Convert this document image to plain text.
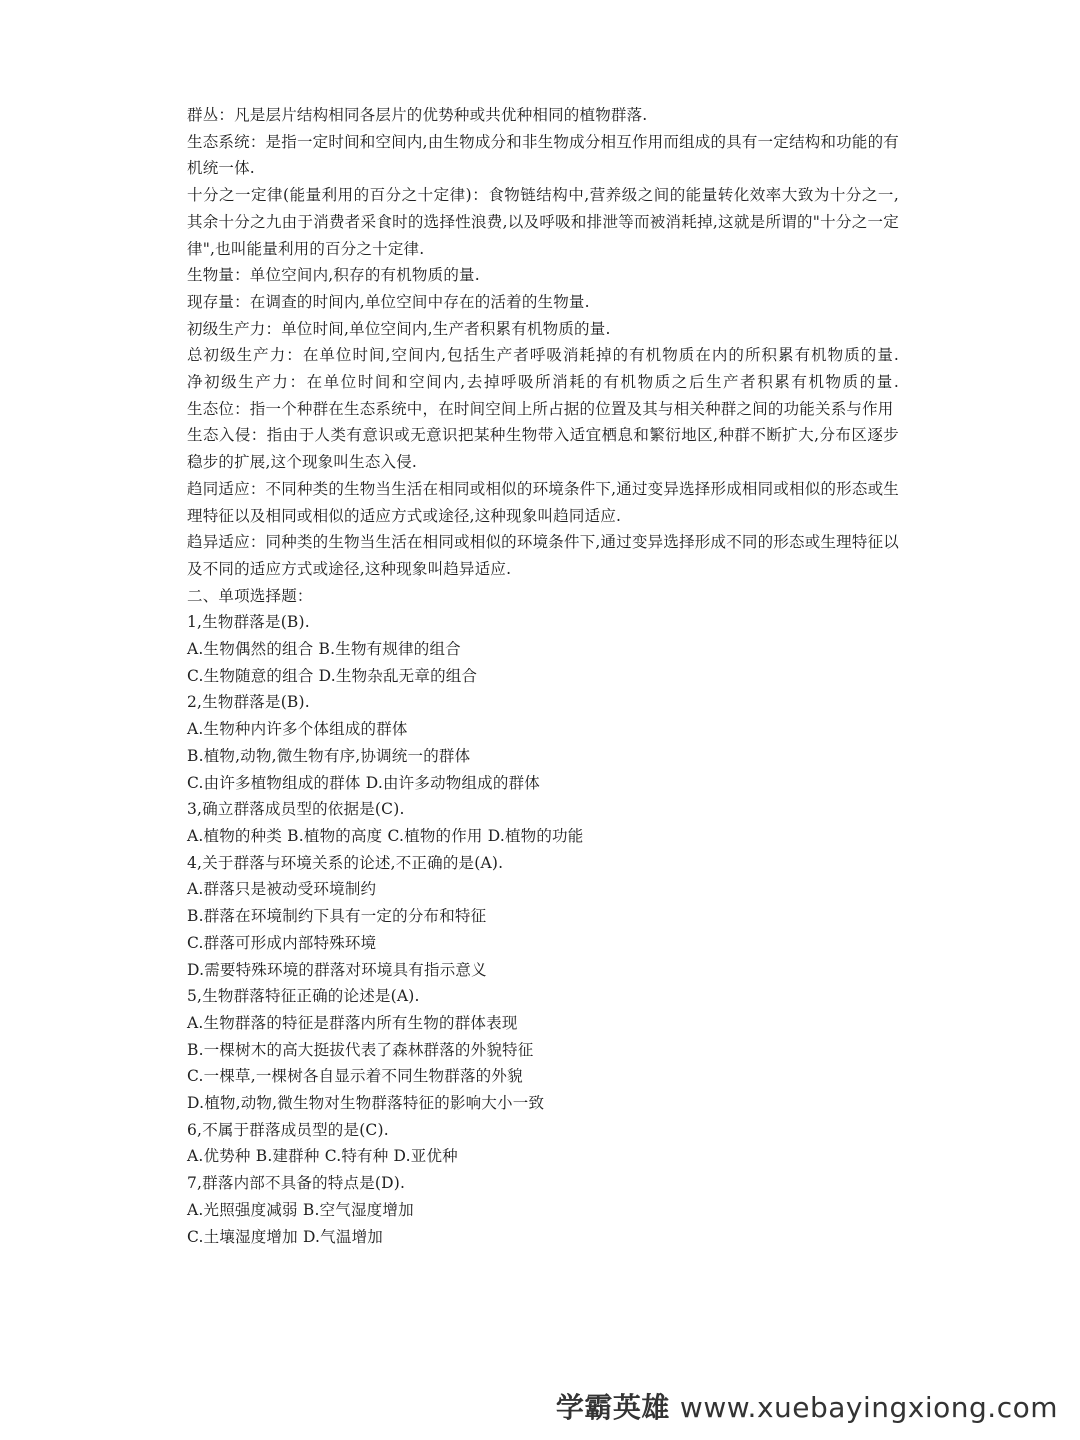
群丛：凡是层片结构相同各层片的优势种或共优种相同的植物群落.
生态系统：是指一定时间和空间内,由生物成分和非生物成分相互作用而组成的具有一定结构和功能的有机统一体.
十分之一定律(能量利用的百分之十定律)：食物链结构中,营养级之间的能量转化效率大致为十分之一,其余十分之九由于消费者采食时的选择性浪费,以及呼吸和排泄等而被消耗掉,这就是所谓的"十分之一定律",也叫能量利用的百分之十定律.
生物量：单位空间内,积存的有机物质的量.
现存量：在调查的时间内,单位空间中存在的活着的生物量.
初级生产力：单位时间,单位空间内,生产者积累有机物质的量.
总初级生产力：在单位时间,空间内,包括生产者呼吸消耗掉的有机物质在内的所积累有机物质的量.　　净初级生产力：在单位时间和空间内,去掉呼吸所消耗的有机物质之后生产者积累有机物质的量.　　　　生态位：指一个种群在生态系统中，在时间空间上所占据的位置及其与相关种群之间的功能关系与作用
生态入侵：指由于人类有意识或无意识把某种生物带入适宜栖息和繁衍地区,种群不断扩大,分布区逐步稳步的扩展,这个现象叫生态入侵.
趋同适应：不同种类的生物当生活在相同或相似的环境条件下,通过变异选择形成相同或相似的形态或生理特征以及相同或相似的适应方式或途径,这种现象叫趋同适应.
趋异适应：同种类的生物当生活在相同或相似的环境条件下,通过变异选择形成不同的形态或生理特征以及不同的适应方式或途径,这种现象叫趋异适应.
二、单项选择题：
1,生物群落是(B).
A.生物偶然的组合 B.生物有规律的组合
C.生物随意的组合 D.生物杂乱无章的组合
2,生物群落是(B).
A.生物种内许多个体组成的群体
B.植物,动物,微生物有序,协调统一的群体
C.由许多植物组成的群体 D.由许多动物组成的群体
3,确立群落成员型的依据是(C).
A.植物的种类 B.植物的高度 C.植物的作用 D.植物的功能
4,关于群落与环境关系的论述,不正确的是(A).
A.群落只是被动受环境制约
B.群落在环境制约下具有一定的分布和特征
C.群落可形成内部特殊环境
D.需要特殊环境的群落对环境具有指示意义
5,生物群落特征正确的论述是(A).
A.生物群落的特征是群落内所有生物的群体表现
B.一棵树木的高大挺拔代表了森林群落的外貌特征
C.一棵草,一棵树各自显示着不同生物群落的外貌
D.植物,动物,微生物对生物群落特征的影响大小一致
6,不属于群落成员型的是(C).
A.优势种 B.建群种 C.特有种 D.亚优种
7,群落内部不具备的特点是(D).
A.光照强度减弱 B.空气湿度增加
C.土壤湿度增加 D.气温增加
学霸英雄 www.xuebayingxiong.com
